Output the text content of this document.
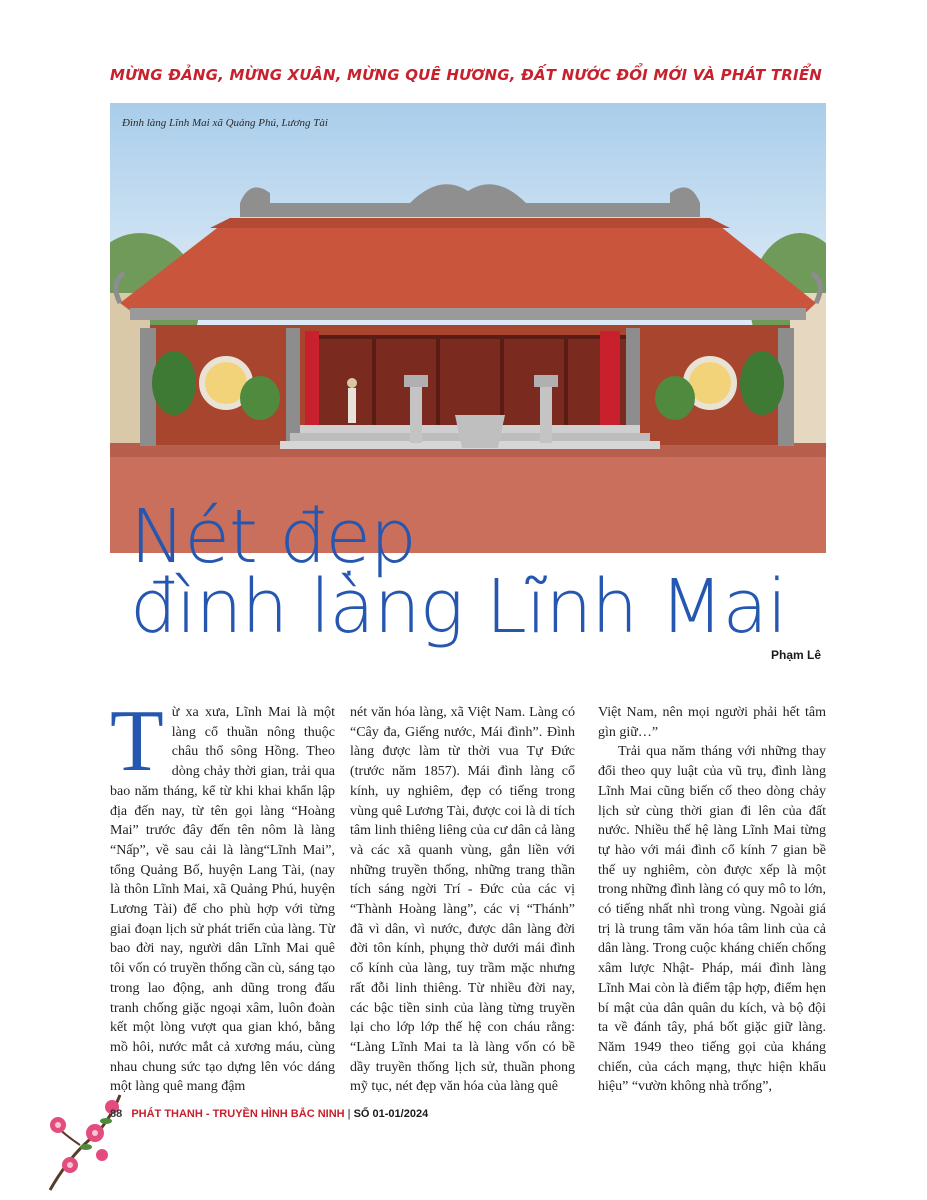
MỪNG ĐẢNG, MỪNG XUÂN, MỪNG QUÊ HƯƠNG, ĐẤT NƯỚC ĐỔI MỚI VÀ PHÁT TRIỂN
Đình làng Lĩnh Mai xã Quảng Phú, Lương Tài
Nét đẹp
đình làng Lĩnh Mai
Phạm Lê

Từ xa xưa, Lĩnh Mai là một làng cổ thuần nông thuộc châu thổ sông Hồng. Theo dòng chảy thời gian, trải qua bao năm tháng, kể từ khi khai khẩn lập địa đến nay, từ tên gọi làng “Hoàng Mai” trước đây đến tên nôm là làng “Nấp”, về sau cải là làng“Lĩnh Mai”, tổng Quảng Bố, huyện Lang Tài, (nay là thôn Lĩnh Mai, xã Quảng Phú, huyện Lương Tài) để cho phù hợp với từng giai đoạn lịch sử phát triển của làng. Từ bao đời nay, người dân Lĩnh Mai quê tôi vốn có truyền thống cần cù, sáng tạo trong lao động, anh dũng trong đấu tranh chống giặc ngoại xâm, luôn đoàn kết một lòng vượt qua gian khó, bằng mồ hôi, nước mắt cả xương máu, cùng nhau chung sức tạo dựng lên vóc dáng một làng quê mang đậm

nét văn hóa làng, xã Việt Nam. Làng có “Cây đa, Giếng nước, Mái đình”. Đình làng được làm từ thời vua Tự Đức (trước năm 1857). Mái đình làng cổ kính, uy nghiêm, đẹp có tiếng trong vùng quê Lương Tài, được coi là di tích tâm linh thiêng liêng của cư dân cả làng và các xã quanh vùng, gắn liền với những truyền thống, những trang thần tích sáng ngời Trí - Đức của các vị “Thành Hoàng làng”, các vị “Thánh” đã vì dân, vì nước, được dân làng đời đời tôn kính, phụng thờ dưới mái đình cổ kính của làng, tuy trầm mặc nhưng rất đỗi linh thiêng. Từ nhiều đời nay, các bậc tiền sinh của làng từng truyền lại cho lớp lớp thế hệ con cháu rằng: “Làng Lĩnh Mai ta là làng vốn có bề dầy truyền thống lịch sử, thuần phong mỹ tục, nét đẹp văn hóa của làng quê

Việt Nam, nên mọi người phải hết tâm gìn giữ…”

Trải qua năm tháng với những thay đổi theo quy luật của vũ trụ, đình làng Lĩnh Mai cũng biến cố theo dòng chảy lịch sử cùng thời gian đi lên của đất nước. Nhiều thế hệ làng Lĩnh Mai từng tự hào với mái đình cổ kính 7 gian bề thế uy nghiêm, còn được xếp là một trong những đình làng có quy mô to lớn, có tiếng nhất nhì trong vùng. Ngoài giá trị là trung tâm văn hóa tâm linh của cả dân làng. Trong cuộc kháng chiến chống xâm lược Nhật- Pháp, mái đình làng Lĩnh Mai còn là điểm tập hợp, điểm hẹn bí mật của dân quân du kích, và bộ đội ta về đánh tây, phá bốt giặc giữ làng. Năm 1949 theo tiếng gọi của kháng chiến, của cách mạng, thực hiện khẩu hiệu” “vườn không nhà trống”,

88 PHÁT THANH - TRUYỀN HÌNH BẮC NINH | SỐ 01-01/2024
